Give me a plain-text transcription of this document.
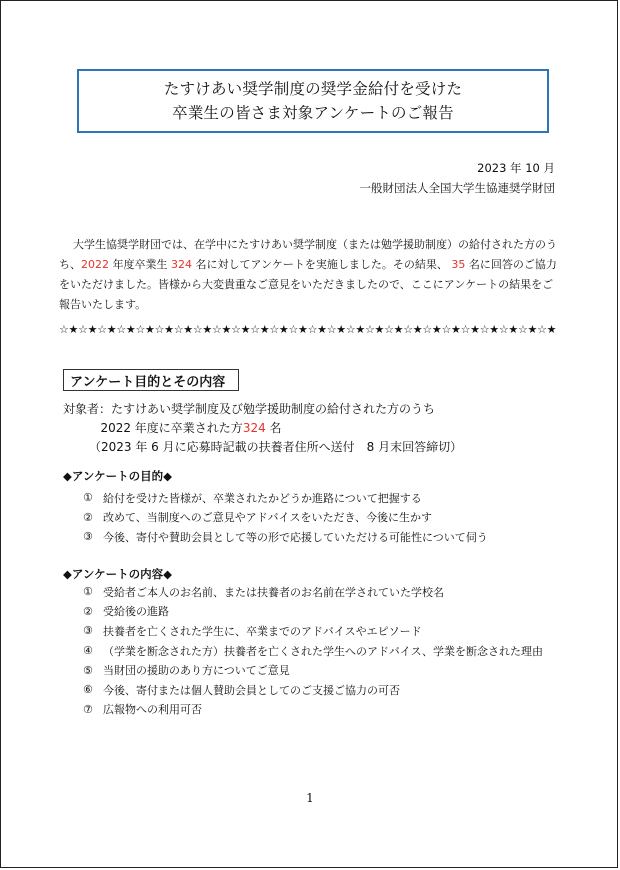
たすけあい奨学制度の奨学金給付を受けた
卒業生の皆さま対象アンケートのご報告
2023 年 10 月
一般財団法人全国大学生協連奨学財団

大学生協奨学財団では、在学中にたすけあい奨学制度（または勉学援助制度）の給付された方のうち、2022 年度卒業生 324 名に対してアンケートを実施しました。その結果、 35 名に回答のご協力をいただけました。皆様から大変貴重なご意見をいただきましたので、ここにアンケートの結果をご報告いたします。

☆★☆★☆★☆★☆★☆★☆★☆★☆★☆★☆★☆★☆★☆★☆★☆★☆★☆★☆★☆★☆★☆★☆★☆★☆★☆★
アンケート目的とその内容
対象者：たすけあい奨学制度及び勉学援助制度の給付された方のうち
2022 年度に卒業された方324 名
（2023 年 6 月に応募時記載の扶養者住所へ送付　8 月末回答締切）
◆アンケートの目的◆
① 給付を受けた皆様が、卒業されたかどうか進路について把握する
② 改めて、当制度へのご意見やアドバイスをいただき、今後に生かす
③ 今後、寄付や賛助会員として等の形で応援していただける可能性について伺う
◆アンケートの内容◆
① 受給者ご本人のお名前、または扶養者のお名前在学されていた学校名
② 受給後の進路
③ 扶養者を亡くされた学生に、卒業までのアドバイスやエピソード
④ （学業を断念された方）扶養者を亡くされた学生へのアドバイス、学業を断念された理由
⑤ 当財団の援助のあり方についてご意見
⑥ 今後、寄付または個人賛助会員としてのご支援ご協力の可否
⑦ 広報物への利用可否
1
